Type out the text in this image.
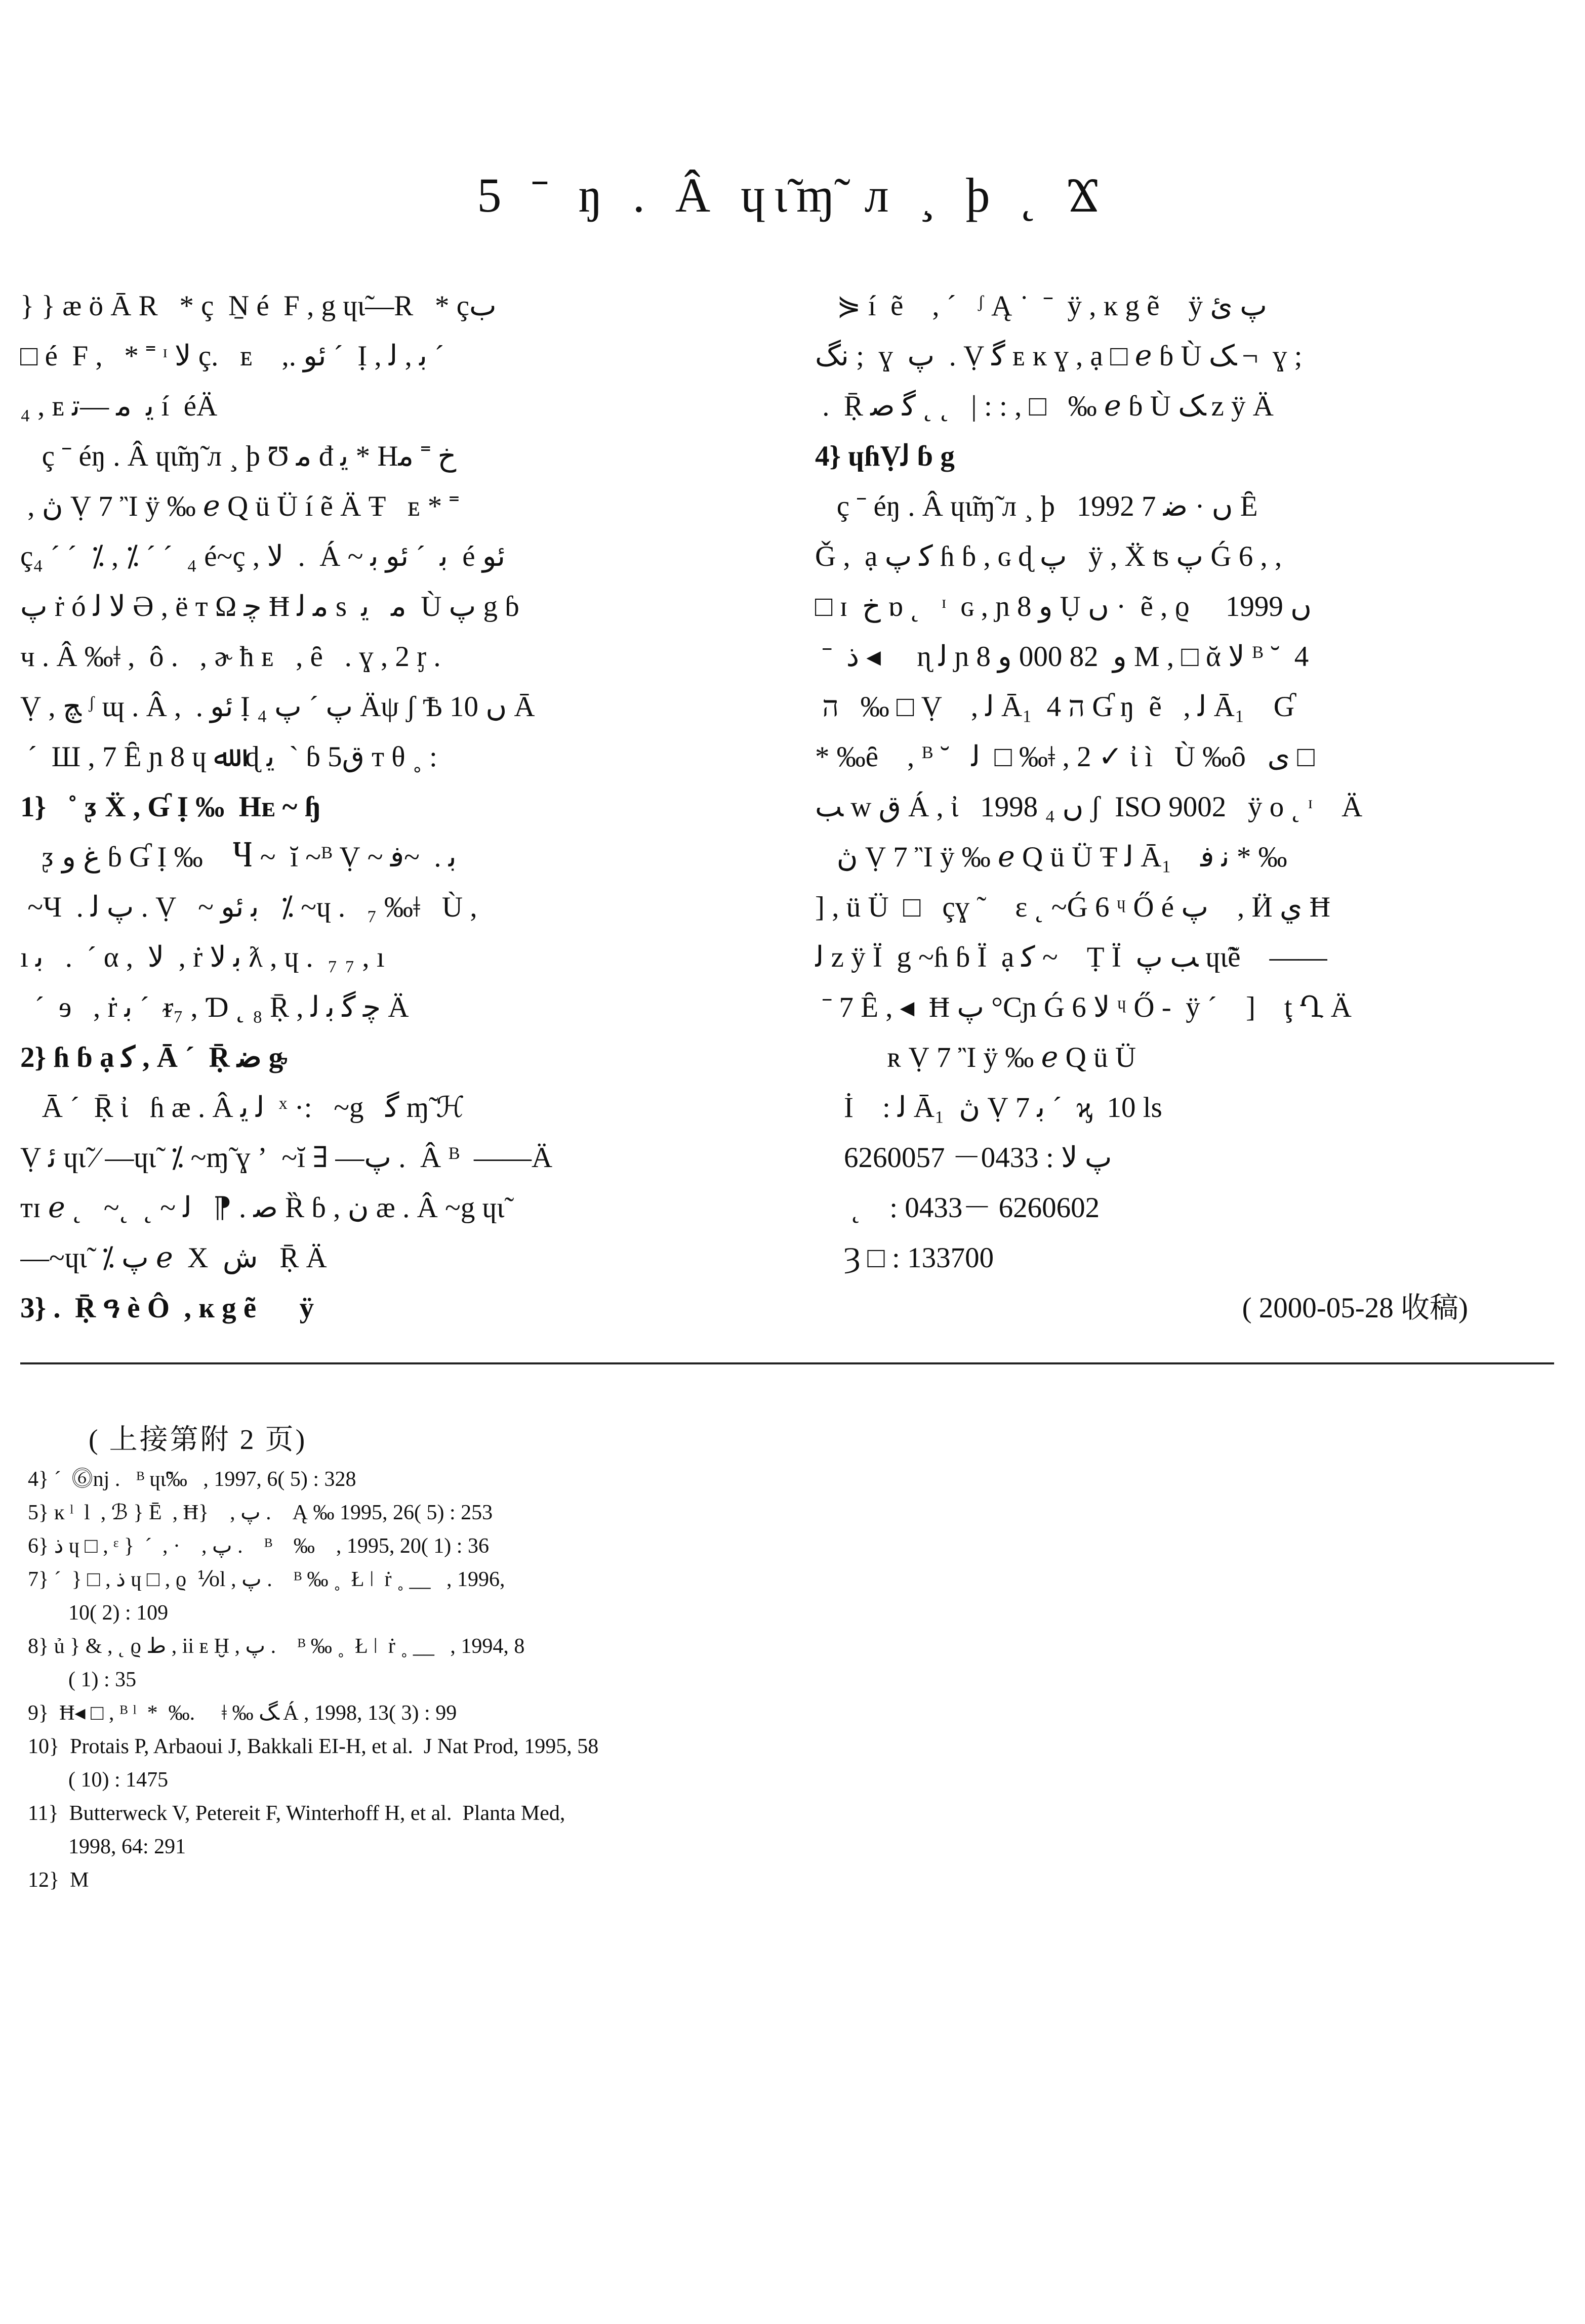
5 ˉ ŋ . Â ɥɩ̃ɱ̃ л ¸ þ ˛ Ϫ
} } æ ö Ā R   * ç  Ṉ é  F , g ɥɩ̃—R   * çب
□ é  F ,   * ˭ ᶦ ﻻ ç.   ᴇ    ,. ئو ˊ  Ị , ﺑ , ﻟ ˊ
₄ , ᴇ ﻳ  ﻣ —ﺗ í  éÄ
ç ˉ éŋ . Â ɥɩ̃ɱ̃ л ¸ þ Ʊ ﻣ đ ﻳ * Hﺥ ˭ ﻣ
, ڽ Ṿ 7 Ἲ ÿ ‰ ℯ Q ü Ü í ẽ Ä Ŧ   ᴇ * ˭
ç₄ ˊ ˊ  ⁒ , ⁒ ˊ ˊ  ₄ é~ç , ﻻ  .  Á ~ ﺑ  ˊ ئو ﺑ  é ئو
ﭖ ṙ ó ﻻ ﻟ Ə , ë ᴛ Ω ﭼ Ħ ﻣ ﻟ s  ﻣ   ﻳ  Ù ﭖ g ɓ
ч . Â ‰ǂ ,  ô .   , ɚ ħ ᴇ   , ȇ   . ɣ , 2 ᶉ .
Ṿ , ﭻ ᶴ ɰ . Â ,  . ئو Ị ₄ ﭖ ˊ ﭖ Äψ ʃ Ѣ 10 ں Ā
ˊ  Ш , 7 Ȇ ɲ 8 ɥ ﷲ  ɖ ﻳ  ˋ ɓ ﻕ5 ᴛ θ ˳ :
1}   ˚ ᶚ Ẍ , Ɠ Ị ‰  Hᴇ ~ ɧ
ᶚ ﻍ ﻭ ɓ Ɠ Ị ‰    Ⴗ ~  ĭ ~ᴮ Ṿ ~ ﺑ .  ~ﻓ
~Ч  . ﭖ ﻟ . Ṿ   ~ ﺑ ئو   ⁒ ~ɥ .   ₇ ‰ǂ   Ù ,
ı ﺑ   .  ˊ α ,  ﻻ  , ṙ ﺑ ﻻ ƛ , ɥ .  ₇ ₇ , ı
ˊ  ɘ   , ṙ ﺑ ˊ  ᵲ₇ , Ɗ ˛ ₈ Ṝ , ﭼ ﮔ ﺑ ﻟ Ä
2} ɦ ɓ ạ ﮐ , Ā ˊ  Ṝ ﺿ ᶃ
Ā ˊ  Ṝ ἰ   ɦ æ . Â ﻟ ﻳ  ˣ ·:   ~g   ﮔ ɱ̃ ℋ
Ṿ ﺋ ɥɩ̃ ⁄ —ɥɩ̃  ⁒ ~ɱ̃ ɣ ʼ  ~ĭ ∃ —ﭖ .  Â ᴮ  ——Ä
ᴛɪ ℯ ˛   ~˛  ˛ ~ ﺻ . ⁋   ﻟ Ȑ ɓ , ﻥ æ . Â ~g ɥɩ̃
—~ɥɩ̃  ⁒ ﭖ ℯ  X  ﺵ   Ṝ Ä
3} .  Ṝ ዓ è Ô  , ĸ g ẽ      ÿ
⋟ í  ẽ    , ˊ   ᶴ Ą ˙  ˉ  ÿ , ĸ g ẽ    ÿ ﭖ ئ
ﻧﮓ ;  ɣ  ﭖ  . Ṿ ﮔ ᴇ ĸ ɣ , ạ □ ℯ ɓ Ù ﮏ ¬  ɣ ;
.  Ṝ ﮔ ﺻ ˛ ˛   | : : , □   ‰ ℯ ɓ Ù ﮏ z ÿ Ä
4} ɥɦṾﻟ ɓ g
ç ˉ éŋ . Â ɥɩ̃ɱ̃ л ¸ þ   1992 ں · ﺿ 7 Ȇ
Ǧ ,  ạ ﮐ ﭖ ɦ ɓ , ɢ ɖ ﭖ   ÿ , Ẍ ʦ ﭖ Ǵ 6 , ,
□ ɪ  ﺥ ɒ ˛   ᶦ  ɢ , ɲ 8 ﻭ Ụ ں ·  ẽ , ϱ     1999 ں
ˉ  ﺫ ◂     ɳ ﻟ ɲ 8 ﻭ  82 000 ﻭ M , □ ᾰ ﻻ ᴮ ˘  4
ה   ‰ □ Ṿ    , ﻟ Ā₁  4 ה Ɠ ŋ  ẽ   , ﻟ Ā₁    Ɠ
* ‰ȇ    , ᴮ ˘   ﻟ  □ ‰ǂ , 2 ✓ ἰ ì   Ù ‰ȏ   ى □
ﺐ w ﻕ Á , ἰ   1998 ں ₄ ʃ  ISO 9002   ÿ o ˛ ᶦ    Ä
ڽ Ṿ 7 Ἲ ÿ ‰ ℯ Q ü Ü Ŧ ﻟ Ā₁    ﻧ ﻓ * ‰
] , ü Ü  □   çɣ ˜    ɛ ˛ ~Ǵ 6 ᶣ Ő é ﭖ    , Ӥ ﻱ Ħ
ﻟ z ÿ Ï  g ~ɦ ɓ Ï  ạ ﮐ ~    Ṭ Ï  ﺐ ﭖ ɥɩ̃ẽ    ——
ˉ 7 Ȇ , ◂  Ħ ﭖ °Cɲ Ǵ 6 ﻻ ᶣ Ő -  ÿ ˊ    ]    ţ Ղ Ä
ʀ Ṿ 7 Ἲ ÿ ‰ ℯ Q ü Ü
İ    : ﻟ Ā₁  ڽ Ṿ 7 ﺑ ˊ  ϗ  10 ls
ﭖ ﻻ : 0433－ 6260057
˛    : 0433－ 6260602
Ȝ □ : 133700
( 2000-05-28 收稿)
( 上接第附 2 页)
4} ˊ  ⓺nj .   ᴮ ɥɩ̃‰   , 1997, 6( 5) : 328
5} ĸ ˡ  l  , ℬ } Ē  , Ħ}    , ﭖ .    Ą ‰ 1995, 26( 5) : 253
6} ﺫ ɥ □ , ᵋ }  ˊ  , ·    , ﭖ .    ᴮ    ‰    , 1995, 20( 1) : 36
7} ˊ  } □ , ﺫ ɥ □ , ϱ  ⅟ol , ﭖ .    ᴮ ‰ ˳  Ł ǀ  ṙ ˳ __   , 1996,
10( 2) : 109
8} ủ } & , ˛ ϱ ﻁ , ii ᴇ Ḫ , ﭖ .    ᴮ ‰ ˳  Ł ǀ  ṙ ˳ __   , 1994, 8
( 1) : 35
9}  Ħ◂ □ , ᴮ ˡ  *  ‰.     ǂ ‰ ﮓ Á , 1998, 13( 3) : 99
10}  Protais P, Arbaoui J, Bakkali EI-H, et al.  J Nat Prod, 1995, 58
( 10) : 1475
11}  Butterweck V, Petereit F, Winterhoff H, et al.  Planta Med,
1998, 64: 291
12}  M
